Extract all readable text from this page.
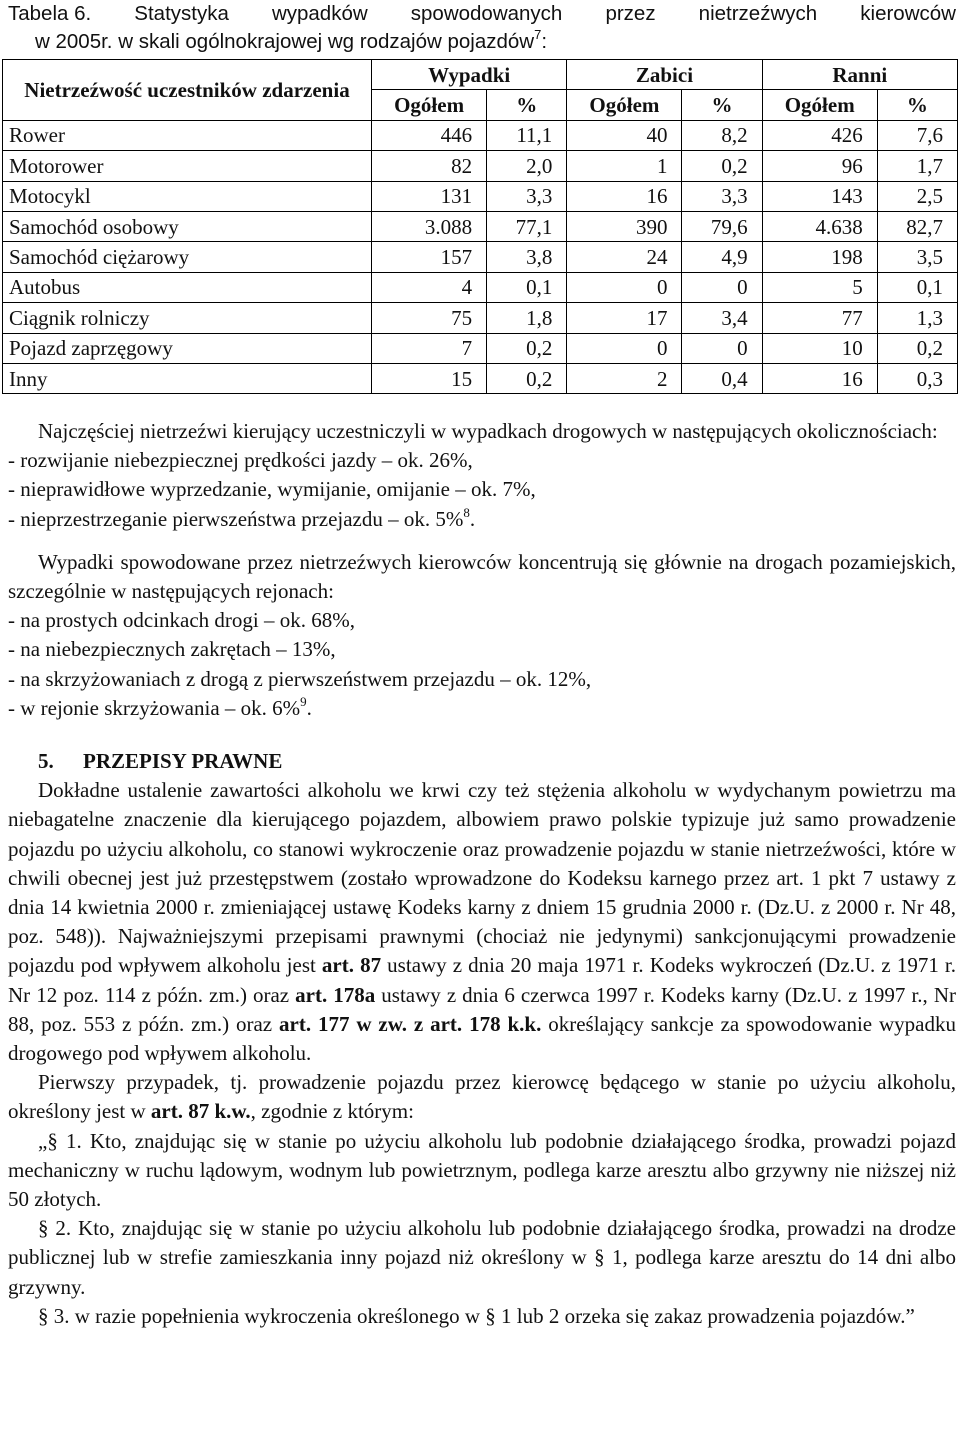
Tabela 6. Statystyka wypadków spowodowanych przez nietrzeźwych kierowców
w 2005r. w skali ogólnokrajowej wg rodzajów pojazdów$^7$:
Nietrzeźwość uczestników zdarzenia	Wypadki		Zabici		Ranni	
	Ogółem	%	Ogółem	%	Ogółem	%
Rower	446	11,1	40	8,2	426	7,6
Motorower	82	2,0	1	0,2	96	1,7
Motocykl	131	3,3	16	3,3	143	2,5
Samochód osobowy	3.088	77,1	390	79,6	4.638	82,7
Samochód ciężarowy	157	3,8	24	4,9	198	3,5
Autobus	4	0,1	0	0	5	0,1
Ciągnik rolniczy	75	1,8	17	3,4	77	1,3
Pojazd zaprzęgowy	7	0,2	0	0	10	0,2
Inny	15	0,2	2	0,4	16	0,3

Najczęściej nietrzeźwi kierujący uczestniczyli w wypadkach drogowych w następujących okolicznościach:

- rozwijanie niebezpiecznej prędkości jazdy – ok. 26%,

- nieprawidłowe wyprzedzanie, wymijanie, omijanie – ok. 7%,

- nieprzestrzeganie pierwszeństwa przejazdu – ok. 5%$^8$.

Wypadki spowodowane przez nietrzeźwych kierowców koncentrują się głównie na drogach pozamiejskich, szczególnie w następujących rejonach:

- na prostych odcinkach drogi – ok. 68%,

- na niebezpiecznych zakrętach – 13%,

- na skrzyżowaniach z drogą z pierwszeństwem przejazdu – ok. 12%,

- w rejonie skrzyżowania – ok. 6%$^9$.

5. PRZEPISY PRAWNE

Dokładne ustalenie zawartości alkoholu we krwi czy też stężenia alkoholu w wydychanym powietrzu ma niebagatelne znaczenie dla kierującego pojazdem, albowiem prawo polskie typizuje już samo prowadzenie pojazdu po użyciu alkoholu, co stanowi wykroczenie oraz prowadzenie pojazdu w stanie nietrzeźwości, które w chwili obecnej jest już przestępstwem (zostało wprowadzone do Kodeksu karnego przez art. 1 pkt 7 ustawy z dnia 14 kwietnia 2000 r. zmieniającej ustawę Kodeks karny z dniem 15 grudnia 2000 r. (Dz.U. z 2000 r. Nr 48, poz. 548)). Najważniejszymi przepisami prawnymi (chociaż nie jedynymi) sankcjonującymi prowadzenie pojazdu pod wpływem alkoholu jest art. 87 ustawy z dnia 20 maja 1971 r. Kodeks wykroczeń (Dz.U. z 1971 r. Nr 12 poz. 114 z późn. zm.) oraz art. 178a ustawy z dnia 6 czerwca 1997 r. Kodeks karny (Dz.U. z 1997 r., Nr 88, poz. 553 z późn. zm.) oraz art. 177 w zw. z art. 178 k.k. określający sankcje za spowodowanie wypadku drogowego pod wpływem alkoholu.

Pierwszy przypadek, tj. prowadzenie pojazdu przez kierowcę będącego w stanie po użyciu alkoholu, określony jest w art. 87 k.w., zgodnie z którym:

„§ 1. Kto, znajdując się w stanie po użyciu alkoholu lub podobnie działającego środka, prowadzi pojazd mechaniczny w ruchu lądowym, wodnym lub powietrznym, podlega karze aresztu albo grzywny nie niższej niż 50 złotych.

§ 2. Kto, znajdując się w stanie po użyciu alkoholu lub podobnie działającego środka, prowadzi na drodze publicznej lub w strefie zamieszkania inny pojazd niż określony w § 1, podlega karze aresztu do 14 dni albo grzywny.

§ 3. w razie popełnienia wykroczenia określonego w § 1 lub 2 orzeka się zakaz prowadzenia pojazdów.”
